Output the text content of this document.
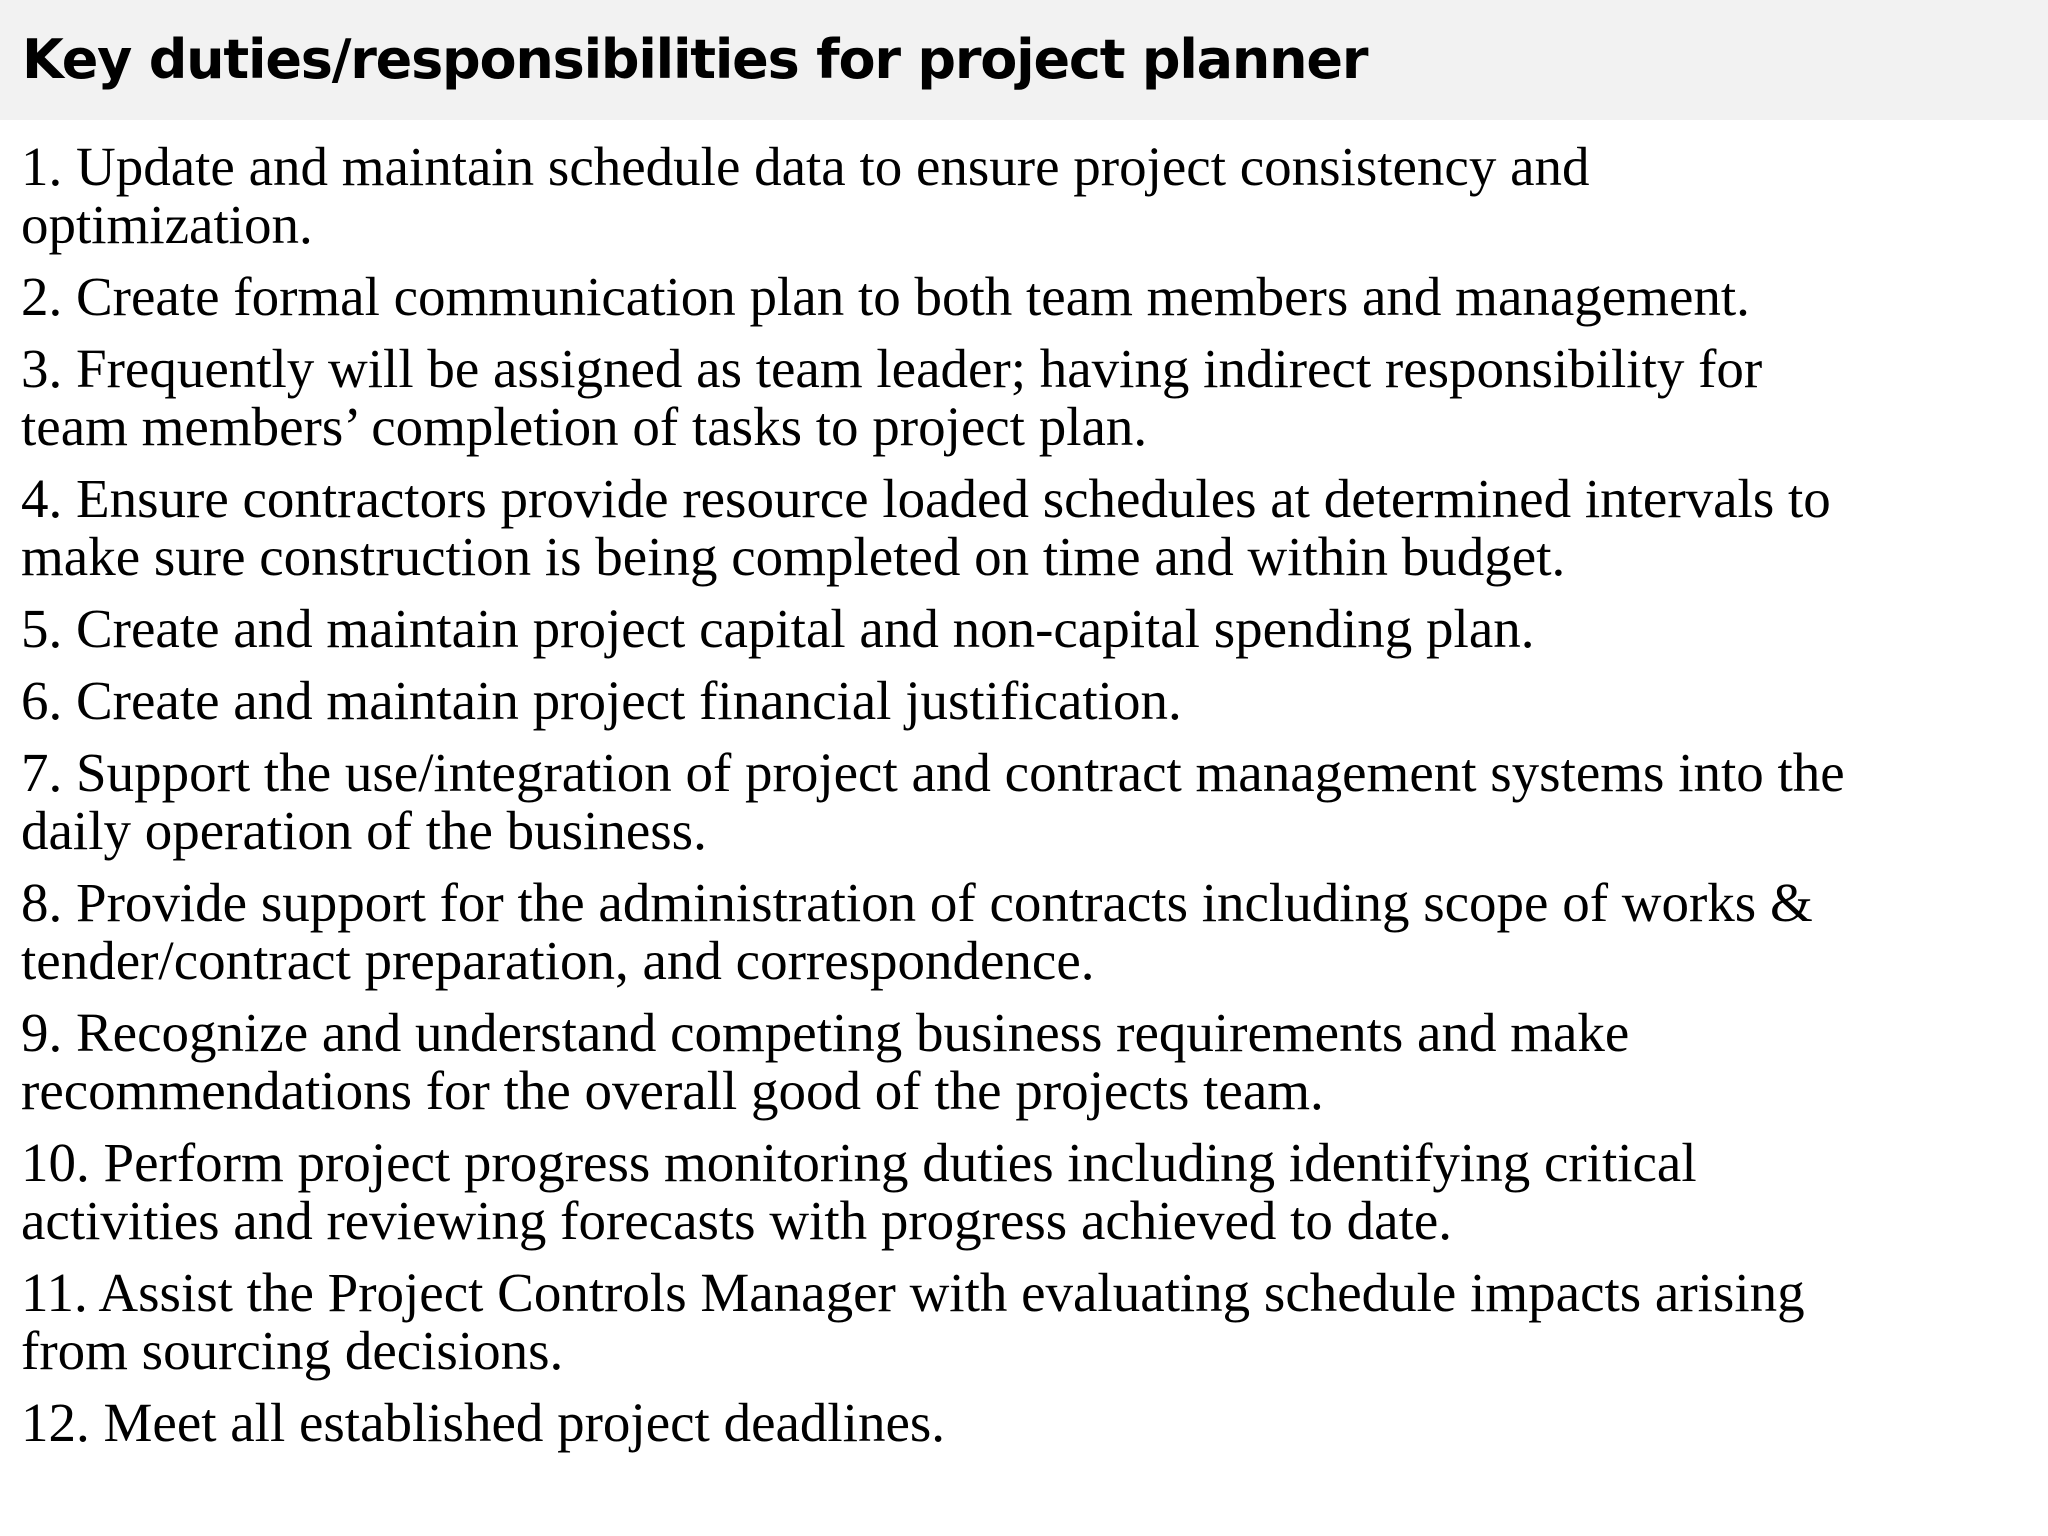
Key duties/responsibilities for project planner
1. Update and maintain schedule data to ensure project consistency and
optimization.
2. Create formal communication plan to both team members and management.
3. Frequently will be assigned as team leader; having indirect responsibility for
team members’ completion of tasks to project plan.
4. Ensure contractors provide resource loaded schedules at determined intervals to
make sure construction is being completed on time and within budget.
5. Create and maintain project capital and non-capital spending plan.
6. Create and maintain project financial justification.
7. Support the use/integration of project and contract management systems into the
daily operation of the business.
8. Provide support for the administration of contracts including scope of works &
tender/contract preparation, and correspondence.
9. Recognize and understand competing business requirements and make
recommendations for the overall good of the projects team.
10. Perform project progress monitoring duties including identifying critical
activities and reviewing forecasts with progress achieved to date.
11. Assist the Project Controls Manager with evaluating schedule impacts arising
from sourcing decisions.
12. Meet all established project deadlines.
